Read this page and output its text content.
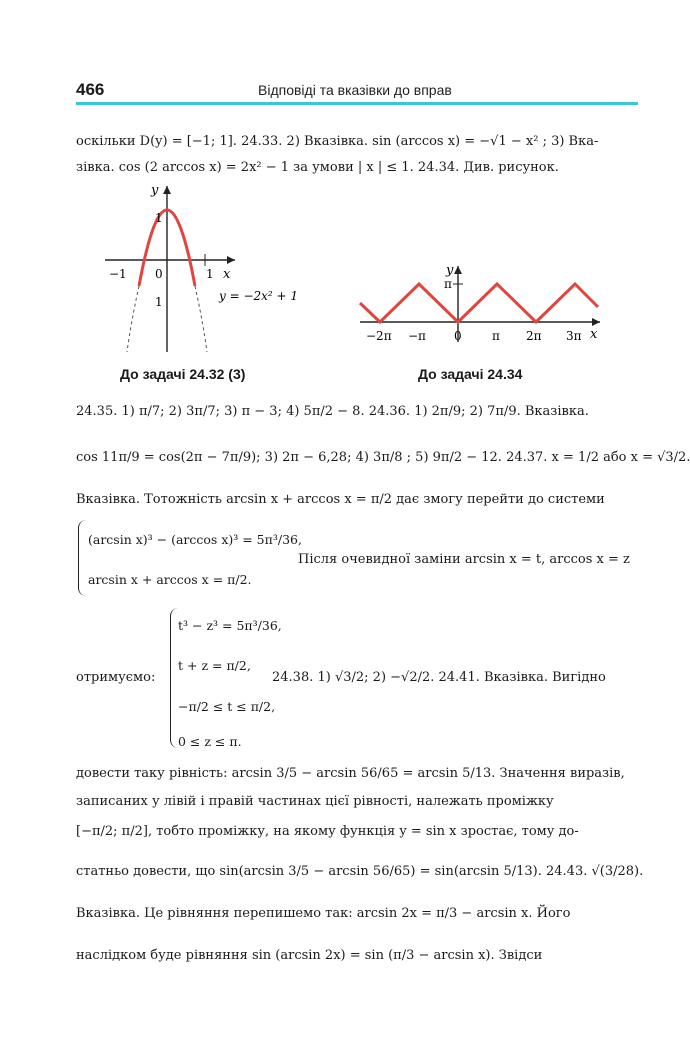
466	Відповіді та вказівки до вправ
оскільки D(y) = [−1; 1]. 24.33. 2) Вказівка. sin (arccos x) = −√1 − x² ; 3) Вка-
зівка. cos (2 arccos x) = 2x² − 1 за умови | x | ≤ 1. 24.34. Див. рисунок.
y
x
−1 0	1
1
1	y = −2x² + 1
До задачі 24.32 (3)
y
x
π
−2π −π 0	π 2π 3π
До задачі 24.34
24.35. 1) π/7; 2) 3π/7; 3) π − 3; 4) 5π/2 − 8. 24.36. 1) 2π/9; 2) 7π/9. Вказівка.
cos 11π/9 = cos(2π − 7π/9); 3) 2π − 6,28; 4) 3π/8 ; 5) 9π/2 − 12. 24.37. x = 1/2 або x = √3/2.
Вказівка. Тотожність arcsin x + arccos x = π/2 дає змогу перейти до системи
(arcsin x)³ − (arccos x)³ = 5π³/36,
arcsin x + arccos x = π/2.
Після очевидної заміни arcsin x = t, arccos x = z
t³ − z³ = 5π³/36,
t + z = π/2,
−π/2 ≤ t ≤ π/2,
0 ≤ z ≤ π.
отримуємо:	24.38. 1) √3/2; 2) −√2/2. 24.41. Вказівка. Вигідно
довести таку рівність: arcsin 3/5 − arcsin 56/65 = arcsin 5/13. Значення виразів,
записаних у лівій і правій частинах цієї рівності, належать проміжку
[−π/2; π/2], тобто проміжку, на якому функція y = sin x зростає, тому до-
статньо довести, що sin(arcsin 3/5 − arcsin 56/65) = sin(arcsin 5/13). 24.43. √(3/28).
Вказівка. Це рівняння перепишемо так: arcsin 2x = π/3 − arcsin x. Його
наслідком буде рівняння sin (arcsin 2x) = sin (π/3 − arcsin x). Звідси
